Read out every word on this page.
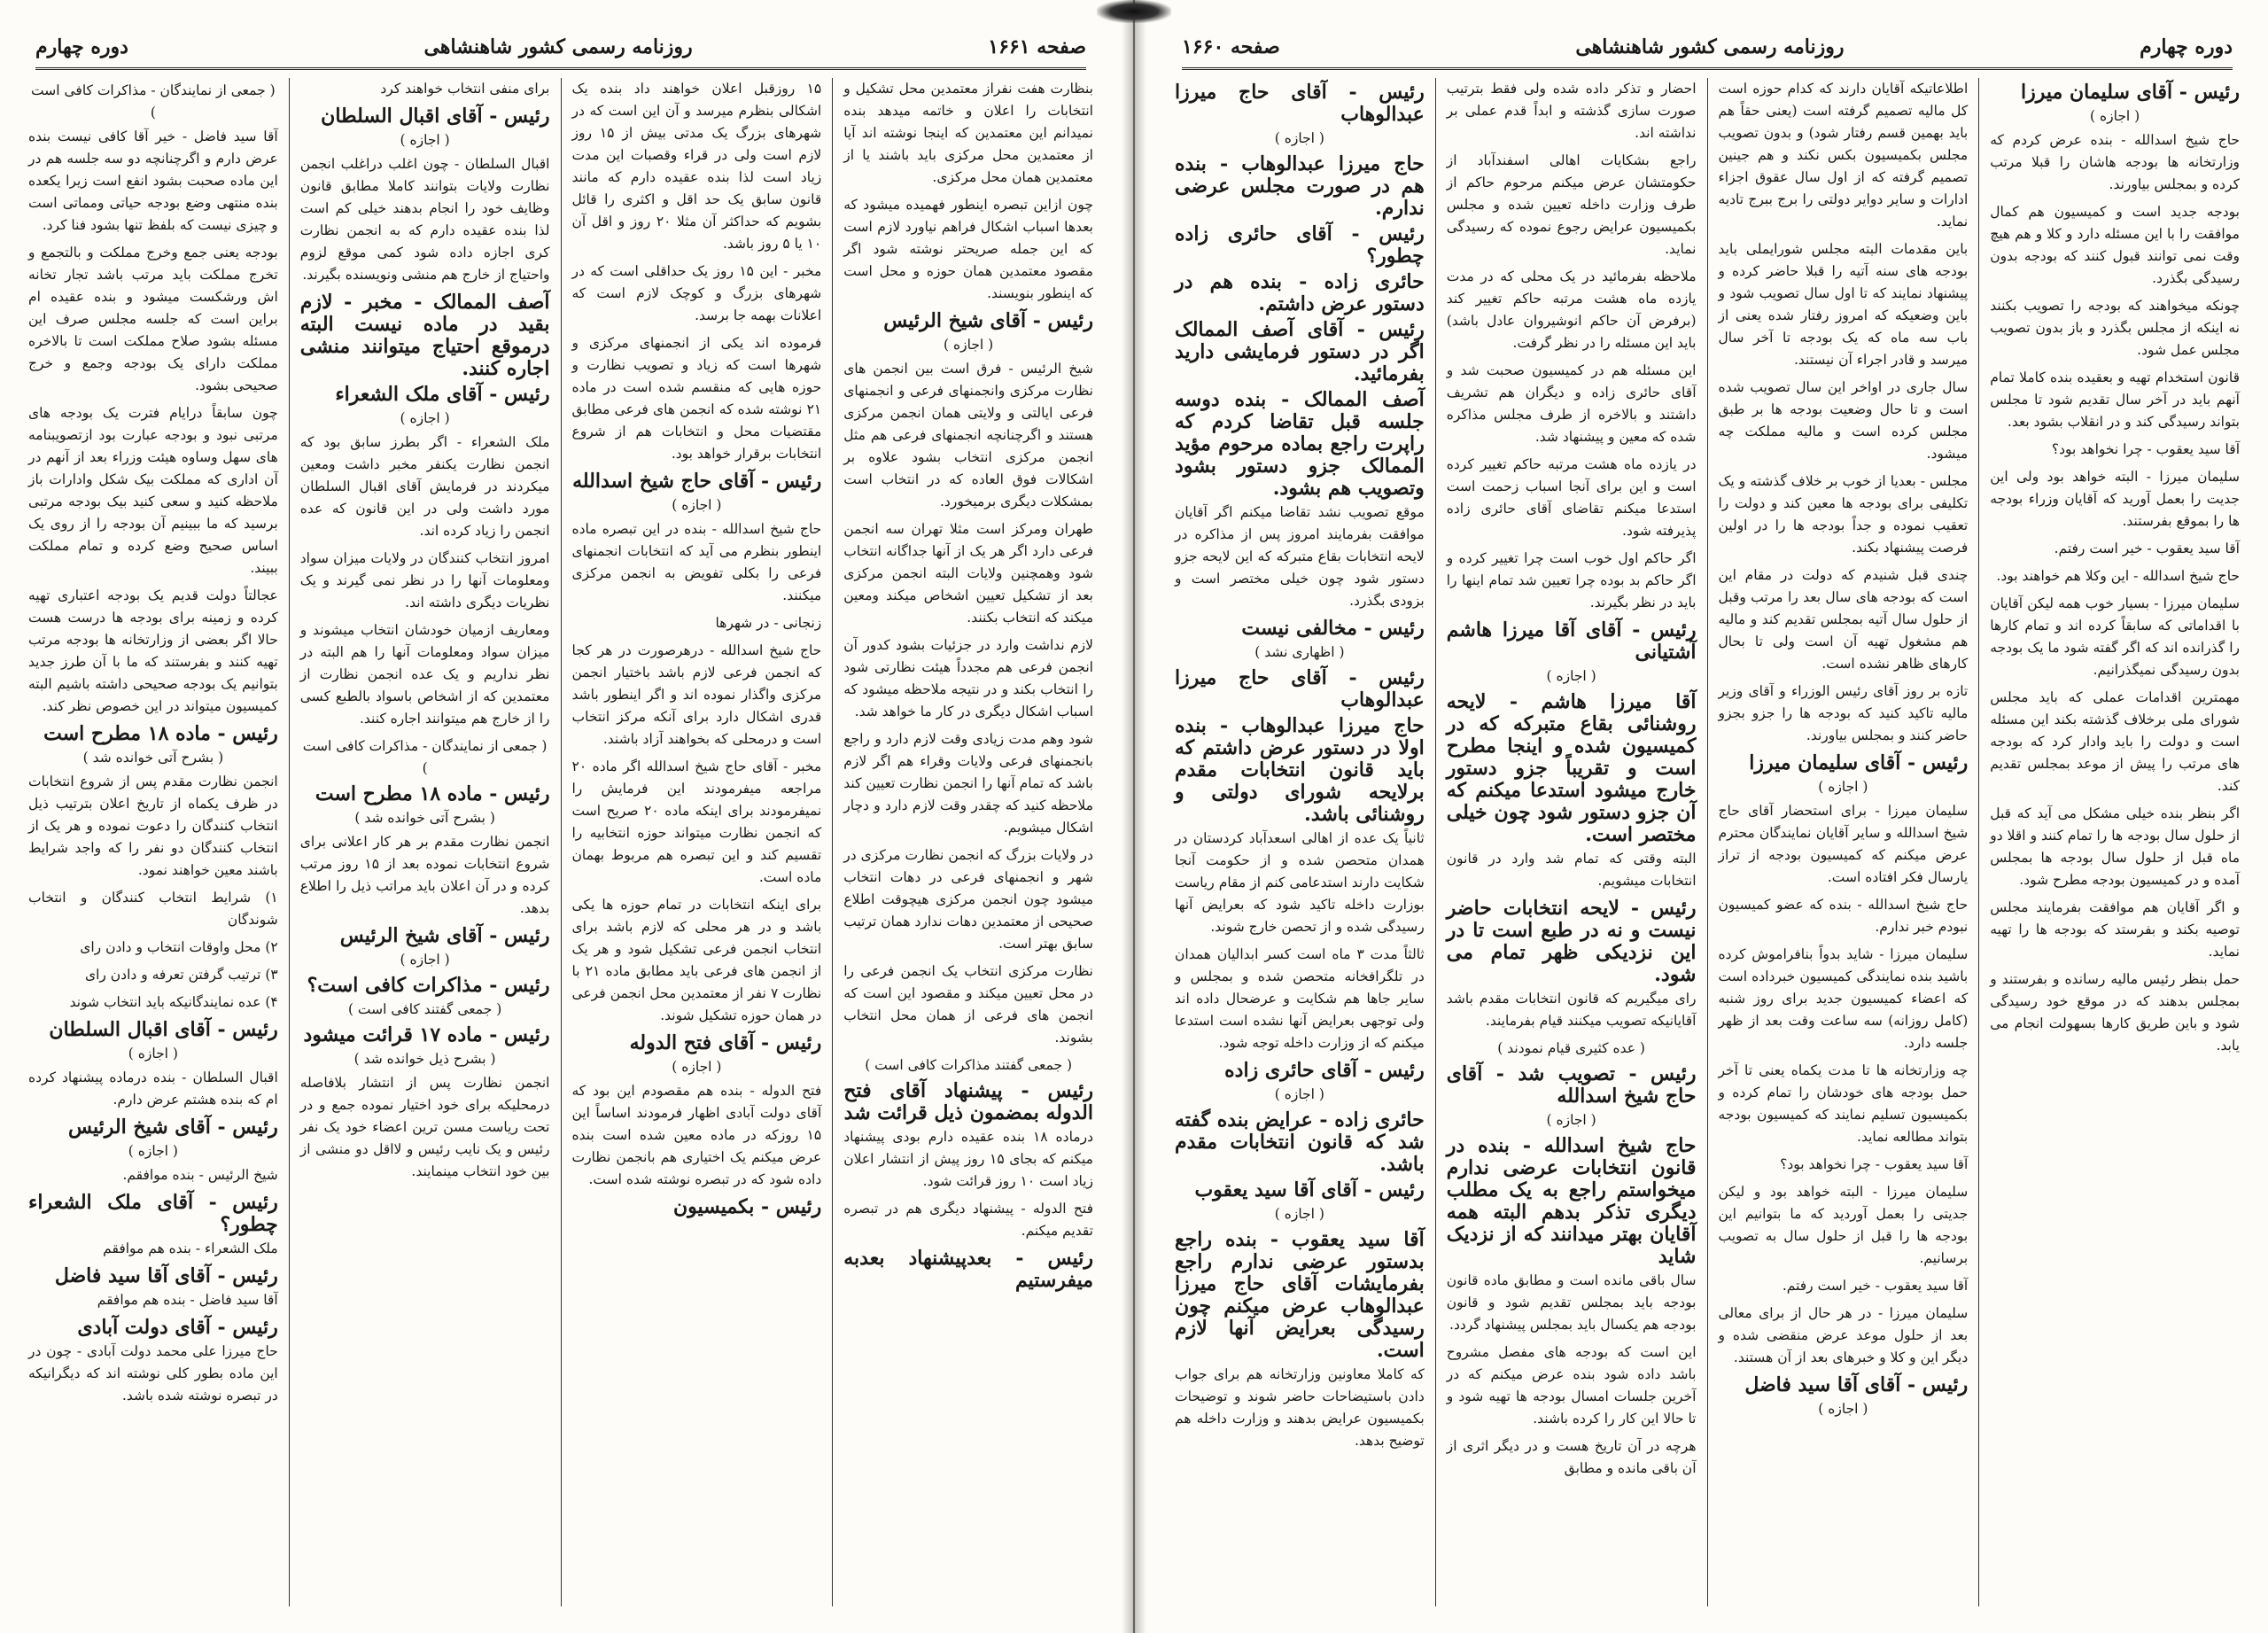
صفحه ۱۶۶۱
روزنامه رسمی کشور شاهنشاهی
دوره چهارم

بنظارت هفت نفراز معتمدین محل تشکیل و انتخابات را اعلان و خاتمه میدهد بنده نمیدانم این معتمدین که اینجا نوشته اند آیا از معتمدین محل مرکزی باید باشند یا از معتمدین همان محل مرکزی.

چون ازاین تبصره اینطور فهمیده میشود که بعدها اسباب اشکال فراهم نیاورد لازم است که این جمله صریحتر نوشته شود اگر مقصود معتمدین همان حوزه و محل است که اینطور بنویسند.

رئیس - آقای شیخ الرئیس
( اجازه )

شیخ الرئیس - فرق است بین انجمن های نظارت مرکزی وانجمنهای فرعی و انجمنهای فرعی ایالتی و ولایتی همان انجمن مرکزی هستند و اگرچنانچه انجمنهای فرعی هم مثل انجمن مرکزی انتخاب بشود علاوه بر اشکالات فوق العاده که در انتخاب است بمشکلات دیگری برمیخورد.

طهران ومرکز است مثلا تهران سه انجمن فرعی دارد اگر هر یک از آنها جداگانه انتخاب شود وهمچنین ولایات البته انجمن مرکزی بعد از تشکیل تعیین اشخاص میکند ومعین میکند که انتخاب بکنند.

لازم نداشت وارد در جزئیات بشود کدور آن انجمن فرعی هم مجدداً هیئت نظارتی شود را انتخاب بکند و در نتیجه ملاحظه میشود که اسباب اشکال دیگری در کار ما خواهد شد.

شود وهم مدت زیادی وقت لازم دارد و راجع بانجمنهای فرعی ولایات وقراء هم اگر لازم باشد که تمام آنها را انجمن نظارت تعیین کند ملاحظه کنید که چقدر وقت لازم دارد و دچار اشکال میشویم.

در ولایات بزرگ که انجمن نظارت مرکزی در شهر و انجمنهای فرعی در دهات انتخاب میشود چون انجمن مرکزی هیچوقت اطلاع صحیحی از معتمدین دهات ندارد همان ترتیب سابق بهتر است.

نظارت مرکزی انتخاب یک انجمن فرعی را در محل تعیین میکند و مقصود این است که انجمن های فرعی از همان محل انتخاب بشوند.

( جمعی گفتند مذاکرات کافی است )
رئیس - پیشنهاد آقای فتح الدوله بمضمون ذیل قرائت شد

درماده ۱۸ بنده عقیده دارم بودی پیشنهاد میکنم که بجای ۱۵ روز پیش از انتشار اعلان زیاد است ۱۰ روز قرائت شود.

فتح الدوله - پیشنهاد دیگری هم در تبصره تقدیم میکنم.

رئیس - بعدپیشنهاد بعدبه میفرستیم

۱۵ روزقبل اعلان خواهند داد بنده یک اشکالی بنظرم میرسد و آن این است که در شهرهای بزرگ یک مدتی بیش از ۱۵ روز لازم است ولی در قراء وقصبات این مدت زیاد است لذا بنده عقیده دارم که مانند قانون سابق یک حد اقل و اکثری را قائل بشویم که حداکثر آن مثلا ۲۰ روز و اقل آن ۱۰ یا ۵ روز باشد.

مخبر - این ۱۵ روز یک حداقلی است که در شهرهای بزرگ و کوچک لازم است که اعلانات بهمه جا برسد.

فرموده اند یکی از انجمنهای مرکزی و شهرها است که زیاد و تصویب نظارت و حوزه هایی که منقسم شده است در ماده ۲۱ نوشته شده که انجمن های فرعی مطابق مقتضیات محل و انتخابات هم از شروع انتخابات برقرار خواهد بود.

رئیس - آقای حاج شیخ اسدالله
( اجازه )

حاج شیخ اسدالله - بنده در این تبصره ماده اینطور بنظرم می آید که انتخابات انجمنهای فرعی را بکلی تفویض به انجمن مرکزی میکنند.

زنجانی - در شهرها

حاج شیخ اسدالله - درهرصورت در هر کجا که انجمن فرعی لازم باشد باختیار انجمن مرکزی واگذار نموده اند و اگر اینطور باشد قدری اشکال دارد برای آنکه مرکز انتخاب است و درمحلی که بخواهند آزاد باشند.

مخبر - آقای حاج شیخ اسدالله اگر ماده ۲۰ مراجعه میفرمودند این فرمایش را نمیفرمودند برای اینکه ماده ۲۰ صریح است که انجمن نظارت میتواند حوزه انتخابیه را تقسیم کند و این تبصره هم مربوط بهمان ماده است.

برای اینکه انتخابات در تمام حوزه ها یکی باشد و در هر محلی که لازم باشد برای انتخاب انجمن فرعی تشکیل شود و هر یک از انجمن های فرعی باید مطابق ماده ۲۱ با نظارت ۷ نفر از معتمدین محل انجمن فرعی در همان حوزه تشکیل شوند.

رئیس - آقای فتح الدوله
( اجازه )

فتح الدوله - بنده هم مقصودم این بود که آقای دولت آبادی اظهار فرمودند اساساً این ۱۵ روزکه در ماده معین شده است بنده عرض میکنم یک اختیاری هم بانجمن نظارت داده شود که در تبصره نوشته شده است.

رئیس - بکمیسیون

برای منفی انتخاب خواهند کرد

رئیس - آقای اقبال السلطان
( اجازه )

اقبال السلطان - چون اغلب دراغلب انجمن نظارت ولایات بتوانند کاملا مطابق قانون وظایف خود را انجام بدهند خیلی کم است لذا بنده عقیده دارم که به انجمن نظارت کری اجازه داده شود کمی موقع لزوم واحتیاج از خارج هم منشی ونویسنده بگیرند.

آصف الممالک - مخبر - لازم بقید در ماده نیست البته درموقع احتیاج میتوانند منشی اجاره کنند.
رئیس - آقای ملک الشعراء
( اجازه )

ملک الشعراء - اگر بطرز سابق بود که انجمن نظارت یکنفر مخبر داشت ومعین میکردند در فرمایش آقای اقبال السلطان مورد داشت ولی در این قانون که عده انجمن را زیاد کرده اند.

امروز انتخاب کنندگان در ولایات میزان سواد ومعلومات آنها را در نظر نمی گیرند و یک نظریات دیگری داشته اند.

ومعاریف ازمیان خودشان انتخاب میشوند و میزان سواد ومعلومات آنها را هم البته در نظر نداریم و یک عده انجمن نظارت از معتمدین که از اشخاص باسواد بالطبع کسی را از خارج هم میتوانند اجاره کنند.

( جمعی از نمایندگان - مذاکرات کافی است )
رئیس - ماده ۱۸ مطرح است
( بشرح آتی خوانده شد )

انجمن نظارت مقدم بر هر کار اعلانی برای شروع انتخابات نموده بعد از ۱۵ روز مرتب کرده و در آن اعلان باید مراتب ذیل را اطلاع بدهد.

رئیس - آقای شیخ الرئیس
( اجازه )
رئیس - مذاکرات کافی است؟
( جمعی گفتند کافی است )
رئیس - ماده ۱۷ قرائت میشود
( بشرح ذیل خوانده شد )

انجمن نظارت پس از انتشار بلافاصله درمحلیکه برای خود اختیار نموده جمع و در تحت ریاست مسن ترین اعضاء خود یک نفر رئیس و یک نایب رئیس و لااقل دو منشی از بین خود انتخاب مینمایند.

( جمعی از نمایندگان - مذاکرات کافی است )

آقا سید فاضل - خیر آقا کافی نیست بنده عرض دارم و اگرچنانچه دو سه جلسه هم در این ماده صحبت بشود انفع است زیرا یکعده بنده منتهی وضع بودجه حیاتی ومماتی است و چیزی نیست که بلفظ تنها بشود فنا کرد.

بودجه یعنی جمع وخرج مملکت و بالتجمع و تخرج مملکت باید مرتب باشد تجار تخانه اش ورشکست میشود و بنده عقیده ام براین است که جلسه مجلس صرف این مسئله بشود صلاح مملکت است تا بالاخره مملکت دارای یک بودجه وجمع و خرج صحیحی بشود.

چون سابقاً درایام فترت یک بودجه های مرتبی نبود و بودجه عبارت بود ازتصویبنامه های سهل وساوه هیئت وزراء بعد از آنهم در آن اداری که مملکت بیک شکل وادارات باز ملاحظه کنید و سعی کنید بیک بودجه مرتبی برسید که ما ببینیم آن بودجه را از روی یک اساس صحیح وضع کرده و تمام مملکت ببیند.

عجالتاً دولت قدیم یک بودجه اعتباری تهیه کرده و زمینه برای بودجه ها درست هست حالا اگر بعضی از وزارتخانه ها بودجه مرتب تهیه کنند و بفرستند که ما با آن طرز جدید بتوانیم یک بودجه صحیحی داشته باشیم البته کمیسیون میتواند در این خصوص نظر کند.

رئیس - ماده ۱۸ مطرح است
( بشرح آتی خوانده شد )

انجمن نظارت مقدم پس از شروع انتخابات در ظرف یکماه از تاریخ اعلان بترتیب ذیل انتخاب کنندگان را دعوت نموده و هر یک از انتخاب کنندگان دو نفر را که واجد شرایط باشند معین خواهند نمود.

۱) شرایط انتخاب کنندگان و انتخاب شوندگان

۲) محل واوقات انتخاب و دادن رای

۳) ترتیب گرفتن تعرفه و دادن رای

۴) عده نمایندگانیکه باید انتخاب شوند

رئیس - آقای اقبال السلطان
( اجازه )

اقبال السلطان - بنده درماده پیشنهاد کرده ام که بنده هشتم عرض دارم.

رئیس - آقای شیخ الرئیس
( اجازه )

شیخ الرئیس - بنده موافقم.

رئیس - آقای ملک الشعراء چطور؟

ملک الشعراء - بنده هم موافقم

رئیس - آقای آقا سید فاضل

آقا سید فاضل - بنده هم موافقم

رئیس - آقای دولت آبادی

حاج میرزا علی محمد دولت آبادی - چون در این ماده بطور کلی نوشته اند که دیگرانیکه در تبصره نوشته شده باشد.

دوره چهارم
روزنامه رسمی کشور شاهنشاهی
صفحه ۱۶۶۰
رئیس - آقای سلیمان میرزا
( اجازه )

حاج شیخ اسدالله - بنده عرض کردم که وزارتخانه ها بودجه هاشان را قبلا مرتب کرده و بمجلس بیاورند.

بودجه جدید است و کمیسیون هم کمال موافقت را با این مسئله دارد و کلا و هم هیچ وقت نمی توانند قبول کنند که بودجه بدون رسیدگی بگذرد.

چونکه میخواهند که بودجه را تصویب بکنند نه اینکه از مجلس بگذرد و باز بدون تصویب مجلس عمل شود.

قانون استخدام تهیه و بعقیده بنده کاملا تمام آنهم باید در آخر سال تقدیم شود تا مجلس بتواند رسیدگی کند و در انقلاب بشود بعد.

آقا سید یعقوب - چرا نخواهد بود؟

سلیمان میرزا - البته خواهد بود ولی این جدیت را بعمل آورید که آقایان وزراء بودجه ها را بموقع بفرستند.

آقا سید یعقوب - خیر است رفتم.

حاج شیخ اسدالله - این وکلا هم خواهند بود.

سلیمان میرزا - بسیار خوب همه لیکن آقایان با اقداماتی که سابقاً کرده اند و تمام کارها را گذرانده اند که اگر گفته شود ما یک بودجه بدون رسیدگی نمیگذرانیم.

مهمترین اقدامات عملی که باید مجلس شورای ملی برخلاف گذشته بکند این مسئله است و دولت را باید وادار کرد که بودجه های مرتب را پیش از موعد بمجلس تقدیم کند.

اگر بنظر بنده خیلی مشکل می آید که قبل از حلول سال بودجه ها را تمام کنند و اقلا دو ماه قبل از حلول سال بودجه ها بمجلس آمده و در کمیسیون بودجه مطرح شود.

و اگر آقایان هم موافقت بفرمایند مجلس توصیه بکند و بفرستد که بودجه ها را تهیه نماید.

حمل بنظر رئیس مالیه رسانده و بفرستند و بمجلس بدهند که در موقع خود رسیدگی شود و باین طریق کارها بسهولت انجام می یابد.

اطلاعاتیکه آقایان دارند که کدام حوزه است کل مالیه تصمیم گرفته است (یعنی حقاً هم باید بهمین قسم رفتار شود) و بدون تصویب مجلس بکمیسیون بکس نکند و هم جینین تصمیم گرفته که از اول سال عقوق اجزاء ادارات و سایر دوایر دولتی را برج ببرج تادیه نماید.

باین مقدمات البته مجلس شورایملی باید بودجه های سنه آتیه را قبلا حاضر کرده و پیشنهاد نمایند که تا اول سال تصویب شود و باین وضعیکه که امروز رفتار شده یعنی از باب سه ماه که یک بودجه تا آخر سال میرسد و قادر اجراء آن نیستند.

سال جاری در اواخر این سال تصویب شده است و تا حال وضعیت بودجه ها بر طبق مجلس کرده است و مالیه مملکت چه میشود.

مجلس - بعدیا از خوب بر خلاف گذشته و یک تکلیفی برای بودجه ها معین کند و دولت را تعقیب نموده و جداً بودجه ها را در اولین فرصت پیشنهاد بکند.

چندی قبل شنیدم که دولت در مقام این است که بودجه های سال بعد را مرتب وقبل از حلول سال آتیه بمجلس تقدیم کند و مالیه هم مشغول تهیه آن است ولی تا بحال کارهای ظاهر نشده است.

تازه بر روز آقای رئیس الوزراء و آقای وزیر مالیه تاکید کنید که بودجه ها را جزو بجزو حاضر کنند و بمجلس بیاورند.

رئیس - آقای سلیمان میرزا
( اجازه )

سلیمان میرزا - برای استحضار آقای حاج شیخ اسدالله و سایر آقایان نمایندگان محترم عرض میکنم که کمیسیون بودجه از تراز یارسال فکر افتاده است.

حاج شیخ اسدالله - بنده که عضو کمیسیون نبودم خبر ندارم.

سلیمان میرزا - شاید بدواً بنافراموش کرده باشید بنده نمایندگی کمیسیون خبرداده است که اعضاء کمیسیون جدید برای روز شنبه (کامل روزانه) سه ساعت وقت بعد از ظهر جلسه دارد.

چه وزارتخانه ها تا مدت یکماه یعنی تا آخر حمل بودجه های خودشان را تمام کرده و بکمیسیون تسلیم نمایند که کمیسیون بودجه بتواند مطالعه نماید.

آقا سید یعقوب - چرا نخواهد بود؟

سلیمان میرزا - البته خواهد بود و لیکن جدیتی را بعمل آوردید که ما بتوانیم این بودجه ها را قبل از حلول سال به تصویب برسانیم.

آقا سید یعقوب - خیر است رفتم.

سلیمان میرزا - در هر حال از برای معالی بعد از حلول موعد عرض منقضی شده و دیگر این و کلا و خبرهای بعد از آن هستند.

رئیس - آقای آقا سید فاضل
( اجازه )

احضار و تذکر داده شده ولی فقط بترتیب صورت سازی گذشته و ابداً قدم عملی بر نداشته اند.

راجع بشکایات اهالی اسفندآباد از حکومتشان عرض میکنم مرحوم حاکم از طرف وزارت داخله تعیین شده و مجلس بکمیسیون عرایض رجوع نموده که رسیدگی نماید.

ملاحظه بفرمائید در یک محلی که در مدت یازده ماه هشت مرتبه حاکم تغییر کند (برفرض آن حاکم انوشیروان عادل باشد) باید این مسئله را در نظر گرفت.

این مسئله هم در کمیسیون صحبت شد و آقای حائری زاده و دیگران هم تشریف داشتند و بالاخره از طرف مجلس مذاکره شده که معین و پیشنهاد شد.

در یازده ماه هشت مرتبه حاکم تغییر کرده است و این برای آنجا اسباب زحمت است استدعا میکنم تقاضای آقای حائری زاده پذیرفته شود.

اگر حاکم اول خوب است چرا تغییر کرده و اگر حاکم بد بوده چرا تعیین شد تمام اینها را باید در نظر بگیرند.

رئیس - آقای آقا میرزا هاشم آشتیانی
( اجازه )
آقا میرزا هاشم - لایحه روشنائی بقاع متبرکه که در کمیسیون شده و اینجا مطرح است و تقریباً جزو دستور خارج میشود استدعا میکنم که آن جزو دستور شود چون خیلی مختصر است.

البته وقتی که تمام شد وارد در قانون انتخابات میشویم.

رئیس - لایحه انتخابات حاضر نیست و نه در طبع است تا در این نزدیکی ظهر تمام می شود.

رای میگیریم که قانون انتخابات مقدم باشد آقایانیکه تصویب میکنند قیام بفرمایند.

( عده کثیری قیام نمودند )
رئیس - تصویب شد - آقای حاج شیخ اسدالله
( اجازه )
حاج شیخ اسدالله - بنده در قانون انتخابات عرضی ندارم میخواستم راجع به یک مطلب دیگری تذکر بدهم البته همه آقایان بهتر میدانند که از نزدیک شاید

سال باقی مانده است و مطابق ماده قانون بودجه باید بمجلس تقدیم شود و قانون بودجه هم یکسال باید بمجلس پیشنهاد گردد.

این است که بودجه های مفصل مشروح باشد داده شود بنده عرض میکنم که در آخرین جلسات امسال بودجه ها تهیه شود و تا حالا این کار را کرده باشند.

هرچه در آن تاریخ هست و در دیگر اثری از آن باقی مانده و مطابق

رئیس - آقای حاج میرزا عبدالوهاب
( اجازه )
حاج میرزا عبدالوهاب - بنده هم در صورت مجلس عرضی ندارم.
رئیس - آقای حائری زاده چطور؟
حائری زاده - بنده هم در دستور عرض داشتم.
رئیس - آقای آصف الممالک اگر در دستور فرمایشی دارید بفرمائید.
آصف الممالک - بنده دوسه جلسه قبل تقاضا کردم که راپرت راجع بماده مرحوم مؤید الممالک جزو دستور بشود وتصویب هم بشود.

موقع تصویب نشد تقاضا میکنم اگر آقایان موافقت بفرمایند امروز پس از مذاکره در لایحه انتخابات بقاع متبرکه که این لایحه جزو دستور شود چون خیلی مختصر است و بزودی بگذرد.

رئیس - مخالفی نیست
( اظهاری نشد )
رئیس - آقای حاج میرزا عبدالوهاب
حاج میرزا عبدالوهاب - بنده اولا در دستور عرض داشتم که باید قانون انتخابات مقدم برلایحه شورای دولتی و روشنائی باشد.

ثانیاً یک عده از اهالی اسعدآباد کردستان در همدان متحصن شده و از حکومت آنجا شکایت دارند استدعامی کنم از مقام ریاست بوزارت داخله تاکید شود که بعرایض آنها رسیدگی شده و از تحصن خارج شوند.

ثالثاً مدت ۳ ماه است کسر ابدالیان همدان در تلگرافخانه متحصن شده و بمجلس و سایر جاها هم شکایت و عرضحال داده اند ولی توجهی بعرایض آنها نشده است استدعا میکنم که از وزارت داخله توجه شود.

رئیس - آقای حائری زاده
( اجازه )
حائری زاده - عرایض بنده گفته شد که قانون انتخابات مقدم باشد.
رئیس - آقای آقا سید یعقوب
( اجازه )
آقا سید یعقوب - بنده راجع بدستور عرضی ندارم راجع بفرمایشات آقای حاج میرزا عبدالوهاب عرض میکنم چون رسیدگی بعرایض آنها لازم است.

که کاملا معاونین وزارتخانه هم برای جواب دادن باستیضاحات حاضر شوند و توضیحات بکمیسیون عرایض بدهند و وزارت داخله هم توضیح بدهد.
